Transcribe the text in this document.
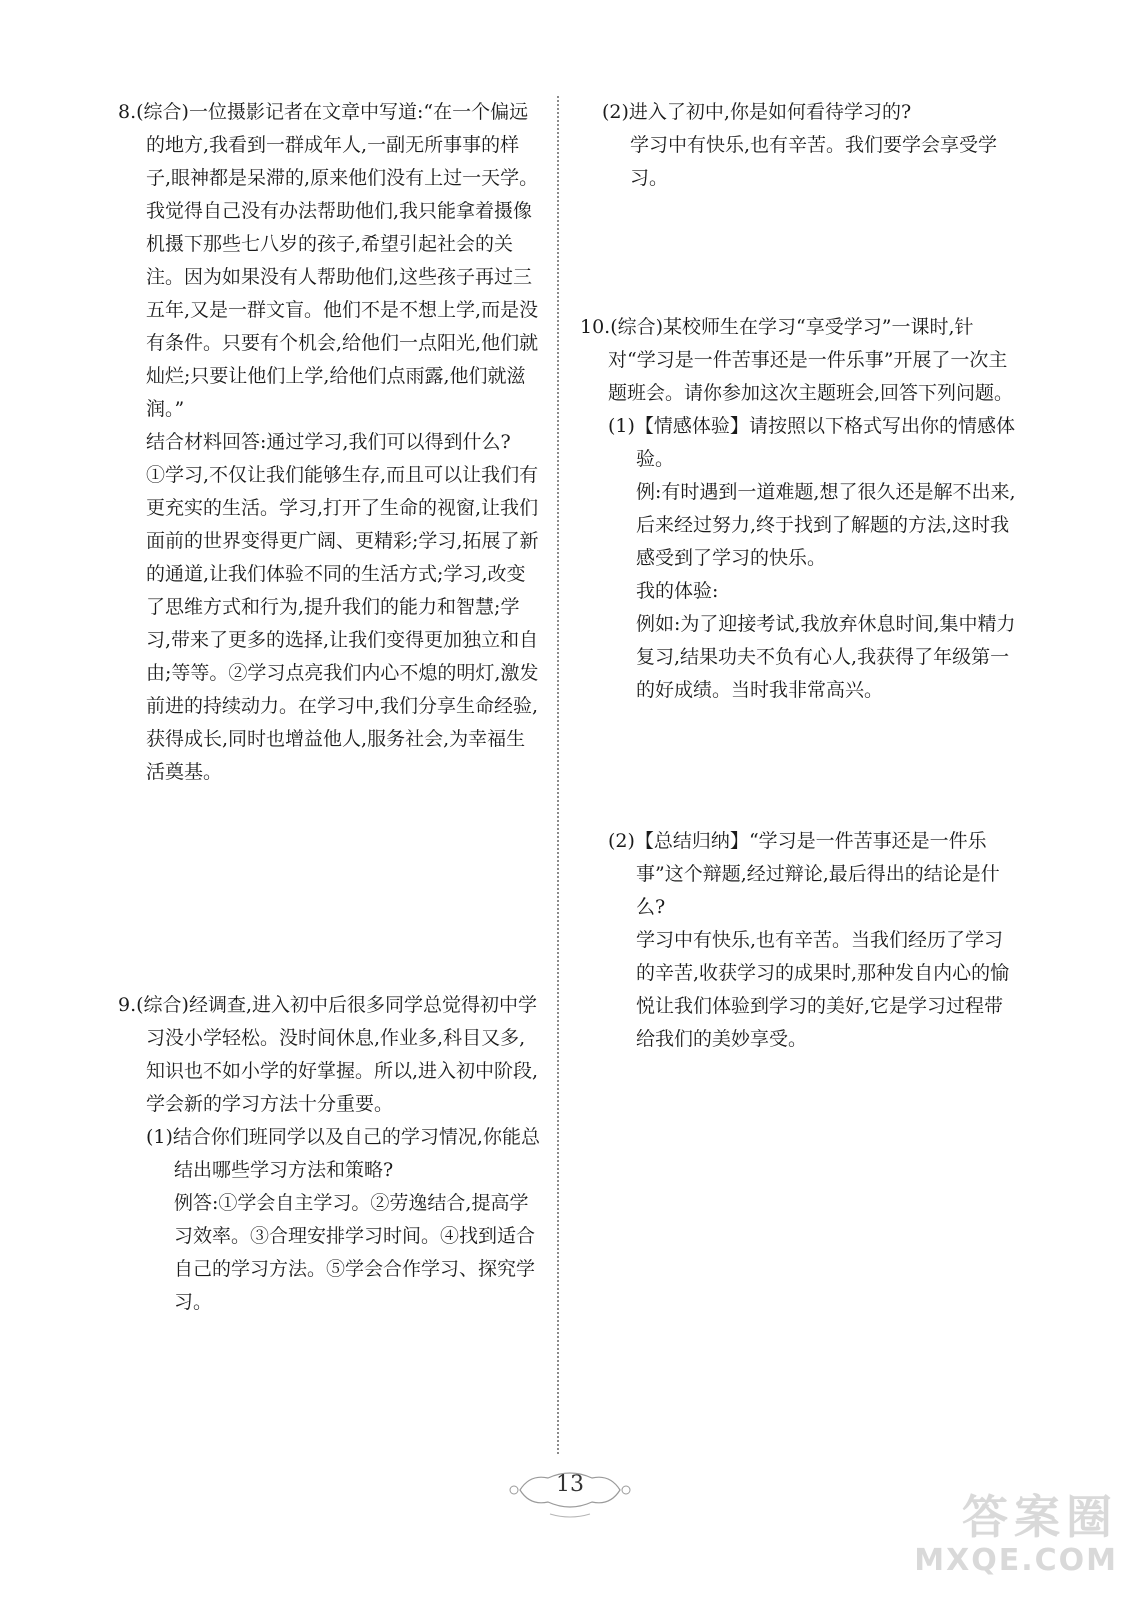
8.(综合)一位摄影记者在文章中写道:“在一个偏远的地方,我看到一群成年人,一副无所事事的样子,眼神都是呆滞的,原来他们没有上过一天学。我觉得自己没有办法帮助他们,我只能拿着摄像机摄下那些七八岁的孩子,希望引起社会的关注。因为如果没有人帮助他们,这些孩子再过三五年,又是一群文盲。他们不是不想上学,而是没有条件。只要有个机会,给他们一点阳光,他们就灿烂;只要让他们上学,给他们点雨露,他们就滋润。”

结合材料回答:通过学习,我们可以得到什么?

①学习,不仅让我们能够生存,而且可以让我们有更充实的生活。学习,打开了生命的视窗,让我们面前的世界变得更广阔、更精彩;学习,拓展了新的通道,让我们体验不同的生活方式;学习,改变了思维方式和行为,提升我们的能力和智慧;学习,带来了更多的选择,让我们变得更加独立和自由;等等。②学习点亮我们内心不熄的明灯,激发前进的持续动力。在学习中,我们分享生命经验,获得成长,同时也增益他人,服务社会,为幸福生活奠基。

9.(综合)经调查,进入初中后很多同学总觉得初中学习没小学轻松。没时间休息,作业多,科目又多,知识也不如小学的好掌握。所以,进入初中阶段,学会新的学习方法十分重要。

(1)结合你们班同学以及自己的学习情况,你能总结出哪些学习方法和策略?

例答:①学会自主学习。②劳逸结合,提高学习效率。③合理安排学习时间。④找到适合自己的学习方法。⑤学会合作学习、探究学习。

(2)进入了初中,你是如何看待学习的?

学习中有快乐,也有辛苦。我们要学会享受学习。

10.(综合)某校师生在学习“享受学习”一课时,针对“学习是一件苦事还是一件乐事”开展了一次主题班会。请你参加这次主题班会,回答下列问题。

(1)【情感体验】请按照以下格式写出你的情感体验。

例:有时遇到一道难题,想了很久还是解不出来,后来经过努力,终于找到了解题的方法,这时我感受到了学习的快乐。

我的体验:

例如:为了迎接考试,我放弃休息时间,集中精力复习,结果功夫不负有心人,我获得了年级第一的好成绩。当时我非常高兴。

(2)【总结归纳】“学习是一件苦事还是一件乐事”这个辩题,经过辩论,最后得出的结论是什么?

学习中有快乐,也有辛苦。当我们经历了学习的辛苦,收获学习的成果时,那种发自内心的愉悦让我们体验到学习的美好,它是学习过程带给我们的美妙享受。

13
答案圈
MXQE.COM
